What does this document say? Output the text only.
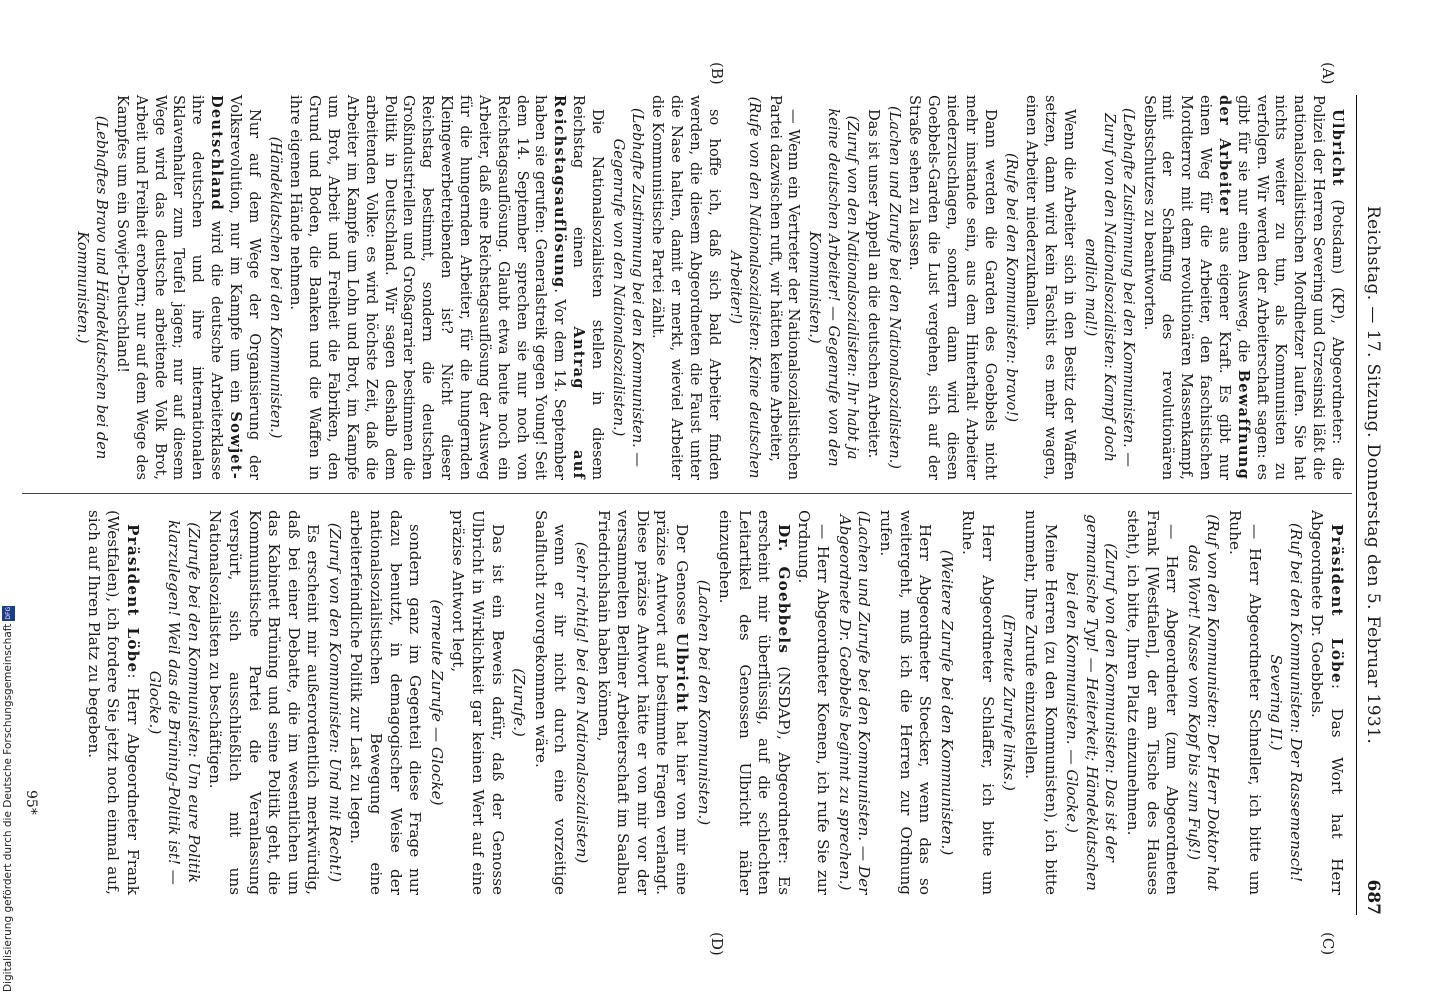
Reichstag. — 17. Sitzung. Donnerstag den 5. Februar 1931.
687
(A)
(B)
(C)
(D)

Ulbricht (Potsdam) (KP), Abgeordneter: die Polizei der Herren Severing und Grzesinski läßt die nationalsozialistischen Mordhetzer laufen. Sie hat nichts weiter zu tun, als Kommunisten zu verfolgen. Wir werden der Arbeiterschaft sagen: es gibt für sie nur einen Ausweg, die Bewaffnung der Arbeiter aus eigener Kraft. Es gibt nur einen Weg für die Arbeiter, den faschistischen Mordterror mit dem revolutionären Massenkampf, mit der Schaffung des revolutionären Selbstschutzes zu beantworten.

(Lebhafte Zustimmung bei den Kommunisten. — Zuruf von den Nationalsozialisten: Kampf doch endlich mal!)

Wenn die Arbeiter sich in den Besitz der Waffen setzen, dann wird kein Faschist es mehr wagen, einen Arbeiter niederzuknallen.

(Rufe bei den Kommunisten: bravo!)

Dann werden die Garden des Goebbels nicht mehr imstande sein, aus dem Hinterhalt Arbeiter niederzuschlagen, sondern dann wird diesen Goebbels-Garden die Lust vergehen, sich auf der Straße sehen zu lassen.

(Lachen und Zurufe bei den Nationalsozialisten.)

Das ist unser Appell an die deutschen Arbeiter.

(Zuruf von den Nationalsozialisten: Ihr habt ja keine deutschen Arbeiter! — Gegenrufe von den Kommunisten.)

— Wenn ein Vertreter der Nationalsozialistischen Partei dazwischen ruft, wir hätten keine Arbeiter,

(Rufe von den Nationalsozialisten: Keine deutschen Arbeiter!)

so hoffe ich, daß sich bald Arbeiter finden werden, die diesem Abgeordneten die Faust unter die Nase halten, damit er merkt, wieviel Arbeiter die Kommunistische Partei zählt.

(Lebhafte Zustimmung bei den Kommunisten. — Gegenrufe von den Nationalsozialisten.)

Die Nationalsozialisten stellen in diesem Reichstag einen Antrag auf Reichstagsauflösung. Vor dem 14. September haben sie gerufen: Generalstreik gegen Young! Seit dem 14. September sprechen sie nur noch von Reichstagsauflösung. Glaubt etwa heute noch ein Arbeiter, daß eine Reichstagsauflösung der Ausweg für die hungernden Arbeiter, für die hungernden Kleingewerbetreibenden ist? Nicht dieser Reichstag bestimmt, sondern die deutschen Großindustriellen und Großagrarier bestimmen die Politik in Deutschland. Wir sagen deshalb dem arbeitenden Volke: es wird höchste Zeit, daß die Arbeiter im Kampfe um Lohn und Brot, im Kampfe um Brot, Arbeit und Freiheit die Fabriken, den Grund und Boden, die Banken und die Waffen in ihre eigenen Hände nehmen.

(Händeklatschen bei den Kommunisten.)

Nur auf dem Wege der Organisierung der Volksrevolution, nur im Kampfe um ein Sowjet-Deutschland wird die deutsche Arbeiterklasse ihre deutschen und ihre internationalen Sklavenhalter zum Teufel jagen; nur auf diesem Wege wird das deutsche arbeitende Volk Brot, Arbeit und Freiheit erobern; nur auf dem Wege des Kampfes um ein Sowjet-Deutschland!

(Lebhaftes Bravo und Händeklatschen bei den Kommunisten.)

Präsident Löbe: Das Wort hat Herr Abgeordnete Dr. Goebbels.

(Ruf bei den Kommunisten: Der Rassemensch! Severing II.)

— Herr Abgeordneter Schneller, ich bitte um Ruhe.

(Ruf von den Kommunisten: Der Herr Doktor hat das Wort! Nasse vom Kopf bis zum Fuß!)

— Herr Abgeordneter (zum Abgeordneten Frank [Westfalen], der am Tische des Hauses steht), ich bitte, Ihren Platz einzunehmen.

(Zuruf von den Kommunisten: Das ist der germanische Typ! — Heiterkeit; Händeklatschen bei den Kommunisten. — Glocke.)

Meine Herren (zu den Kommunisten), ich bitte nunmehr, Ihre Zurufe einzustellen.

(Erneute Zurufe links.)

Herr Abgeordneter Schlaffer, ich bitte um Ruhe.

(Weitere Zurufe bei den Kommunisten.)

Herr Abgeordneter Stoecker, wenn das so weitergeht, muß ich die Herren zur Ordnung rufen.

(Lachen und Zurufe bei den Kommunisten. — Der Abgeordnete Dr. Goebbels beginnt zu sprechen.)

— Herr Abgeordneter Koenen, ich rufe Sie zur Ordnung.

Dr. Goebbels (NSDAP), Abgeordneter: Es erscheint mir überflüssig, auf die schlechten Leitartikel des Genossen Ulbricht näher einzugehen.

(Lachen bei den Kommunisten.)

Der Genosse Ulbricht hat hier von mir eine präzise Antwort auf bestimmte Fragen verlangt. Diese präzise Antwort hätte er von mir vor der versammelten Berliner Arbeiterschaft im Saalbau Friedrichshain haben können,

(sehr richtig! bei den Nationalsozialisten)

wenn er ihr nicht durch eine vorzeitige Saalflucht zuvorgekommen wäre.

(Zurufe.)

Das ist ein Beweis dafür, daß der Genosse Ulbricht in Wirklichkeit gar keinen Wert auf eine präzise Antwort legt,

(erneute Zurufe — Glocke)

sondern ganz im Gegenteil diese Frage nur dazu benutzt, in demagogischer Weise der nationalsozialistischen Bewegung eine arbeiterfeindliche Politik zur Last zu legen.

(Zuruf von den Kommunisten: Und mit Recht!)

Es erscheint mir außerordentlich merkwürdig, daß bei einer Debatte, die im wesentlichen um das Kabinett Brüning und seine Politik geht, die Kommunistische Partei die Veranlassung verspürt, sich ausschließlich mit uns Nationalsozialisten zu beschäftigen.

(Zurufe bei den Kommunisten: Um eure Politik klarzulegen! Weil das die Brüning-Politik ist! — Glocke.)

Präsident Löbe: Herr Abgeordneter Frank (Westfalen), ich fordere Sie jetzt noch einmal auf, sich auf Ihren Platz zu begeben.

95*
Digitalisierung gefördert durch die Deutsche Forschungsgemeinschaft
DFG
